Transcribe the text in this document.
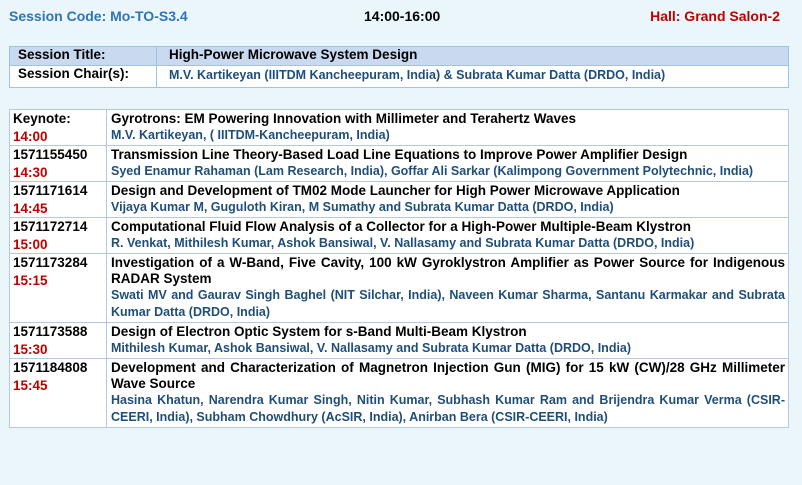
Session Code: Mo-TO-S3.4	14:00-16:00	Hall: Grand Salon-2
Session Title:	High-Power Microwave System Design
Session Chair(s):	M.V. Kartikeyan (IIITDM Kancheepuram, India) & Subrata Kumar Datta (DRDO, India)
Keynote:
14:00	Gyrotrons: EM Powering Innovation with Millimeter and Terahertz Waves
M.V. Kartikeyan, ( IIITDM-Kancheepuram, India)

1571155450
14:30	Transmission Line Theory-Based Load Line Equations to Improve Power Amplifier Design
Syed Enamur Rahaman (Lam Research, India), Goffar Ali Sarkar (Kalimpong Government Polytechnic, India)

1571171614
14:45	Design and Development of TM02 Mode Launcher for High Power Microwave Application
Vijaya Kumar M, Guguloth Kiran, M Sumathy and Subrata Kumar Datta (DRDO, India)

1571172714
15:00	Computational Fluid Flow Analysis of a Collector for a High-Power Multiple-Beam Klystron
R. Venkat, Mithilesh Kumar, Ashok Bansiwal, V. Nallasamy and Subrata Kumar Datta (DRDO, India)

1571173284
15:15	Investigation of a W-Band, Five Cavity, 100 kW Gyroklystron Amplifier as Power Source for Indigenous RADAR System
Swati MV and Gaurav Singh Baghel (NIT Silchar, India), Naveen Kumar Sharma, Santanu Karmakar and Subrata Kumar Datta (DRDO, India)

1571173588
15:30	Design of Electron Optic System for s-Band Multi-Beam Klystron
Mithilesh Kumar, Ashok Bansiwal, V. Nallasamy and Subrata Kumar Datta (DRDO, India)

1571184808
15:45	Development and Characterization of Magnetron Injection Gun (MIG) for 15 kW (CW)/28 GHz Millimeter Wave Source
Hasina Khatun, Narendra Kumar Singh, Nitin Kumar, Subhash Kumar Ram and Brijendra Kumar Verma (CSIR-CEERI, India), Subham Chowdhury (AcSIR, India), Anirban Bera (CSIR-CEERI, India)
